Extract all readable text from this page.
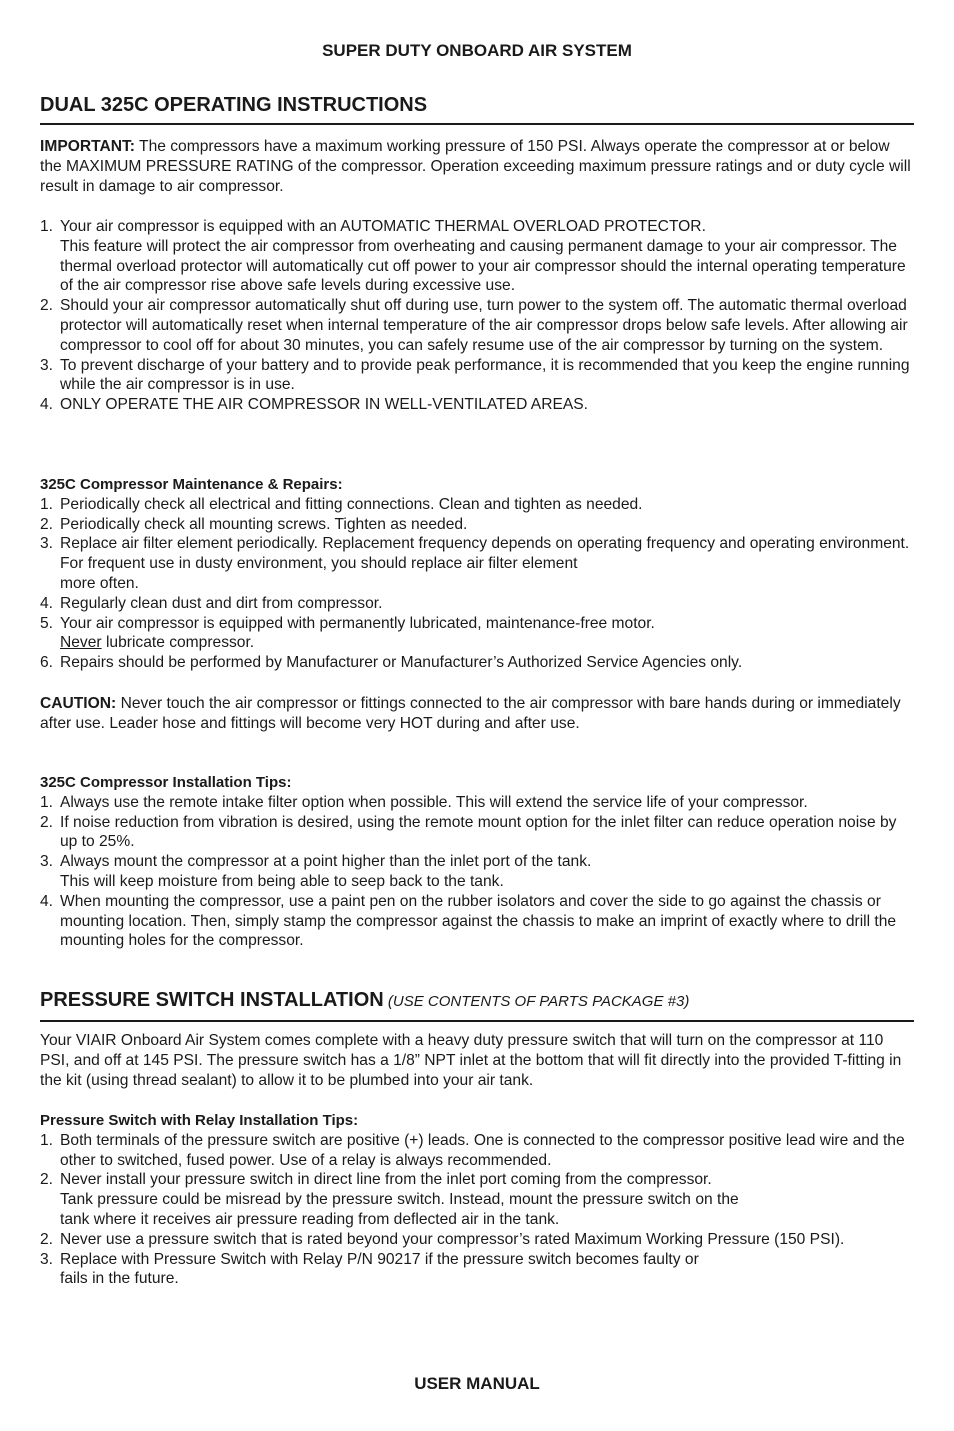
SUPER DUTY ONBOARD AIR SYSTEM
DUAL 325C OPERATING INSTRUCTIONS

IMPORTANT: The compressors have a maximum working pressure of 150 PSI. Always operate the compressor at or below the MAXIMUM PRESSURE RATING of the compressor. Operation exceeding maximum pressure ratings and or duty cycle will result in damage to air compressor.

1. Your air compressor is equipped with an AUTOMATIC THERMAL OVERLOAD PROTECTOR.
This feature will protect the air compressor from overheating and causing permanent damage to your air compressor. The thermal overload protector will automatically cut off power to your air compressor should the internal operating temperature of the air compressor rise above safe levels during excessive use.
2. Should your air compressor automatically shut off during use, turn power to the system off. The automatic thermal overload protector will automatically reset when internal temperature of the air compressor drops below safe levels. After allowing air compressor to cool off for about 30 minutes, you can safely resume use of the air compressor by turning on the system.
3. To prevent discharge of your battery and to provide peak performance, it is recommended that you keep the engine running while the air compressor is in use.
4. ONLY OPERATE THE AIR COMPRESSOR IN WELL-VENTILATED AREAS.
325C Compressor Maintenance & Repairs:
1. Periodically check all electrical and fitting connections. Clean and tighten as needed.
2. Periodically check all mounting screws. Tighten as needed.
3. Replace air filter element periodically. Replacement frequency depends on operating frequency and operating environment. For frequent use in dusty environment, you should replace air filter element
more often.
4. Regularly clean dust and dirt from compressor.
5. Your air compressor is equipped with permanently lubricated, maintenance-free motor.
Never lubricate compressor.
6. Repairs should be performed by Manufacturer or Manufacturer’s Authorized Service Agencies only.

CAUTION: Never touch the air compressor or fittings connected to the air compressor with bare hands during or immediately after use. Leader hose and fittings will become very HOT during and after use.

325C Compressor Installation Tips:
1. Always use the remote intake filter option when possible. This will extend the service life of your compressor.
2. If noise reduction from vibration is desired, using the remote mount option for the inlet filter can reduce operation noise by up to 25%.
3. Always mount the compressor at a point higher than the inlet port of the tank.
This will keep moisture from being able to seep back to the tank.
4. When mounting the compressor, use a paint pen on the rubber isolators and cover the side to go against the chassis or mounting location. Then, simply stamp the compressor against the chassis to make an imprint of exactly where to drill the mounting holes for the compressor.
PRESSURE SWITCH INSTALLATION (USE CONTENTS OF PARTS PACKAGE #3)

Your VIAIR Onboard Air System comes complete with a heavy duty pressure switch that will turn on the compressor at 110 PSI, and off at 145 PSI. The pressure switch has a 1/8” NPT inlet at the bottom that will fit directly into the provided T-fitting in the kit (using thread sealant) to allow it to be plumbed into your air tank.

Pressure Switch with Relay Installation Tips:
1. Both terminals of the pressure switch are positive (+) leads. One is connected to the compressor positive lead wire and the other to switched, fused power. Use of a relay is always recommended.
2. Never install your pressure switch in direct line from the inlet port coming from the compressor.
Tank pressure could be misread by the pressure switch. Instead, mount the pressure switch on the
tank where it receives air pressure reading from deflected air in the tank.
2. Never use a pressure switch that is rated beyond your compressor’s rated Maximum Working Pressure (150 PSI).
3. Replace with Pressure Switch with Relay P/N 90217 if the pressure switch becomes faulty or
fails in the future.
USER MANUAL
